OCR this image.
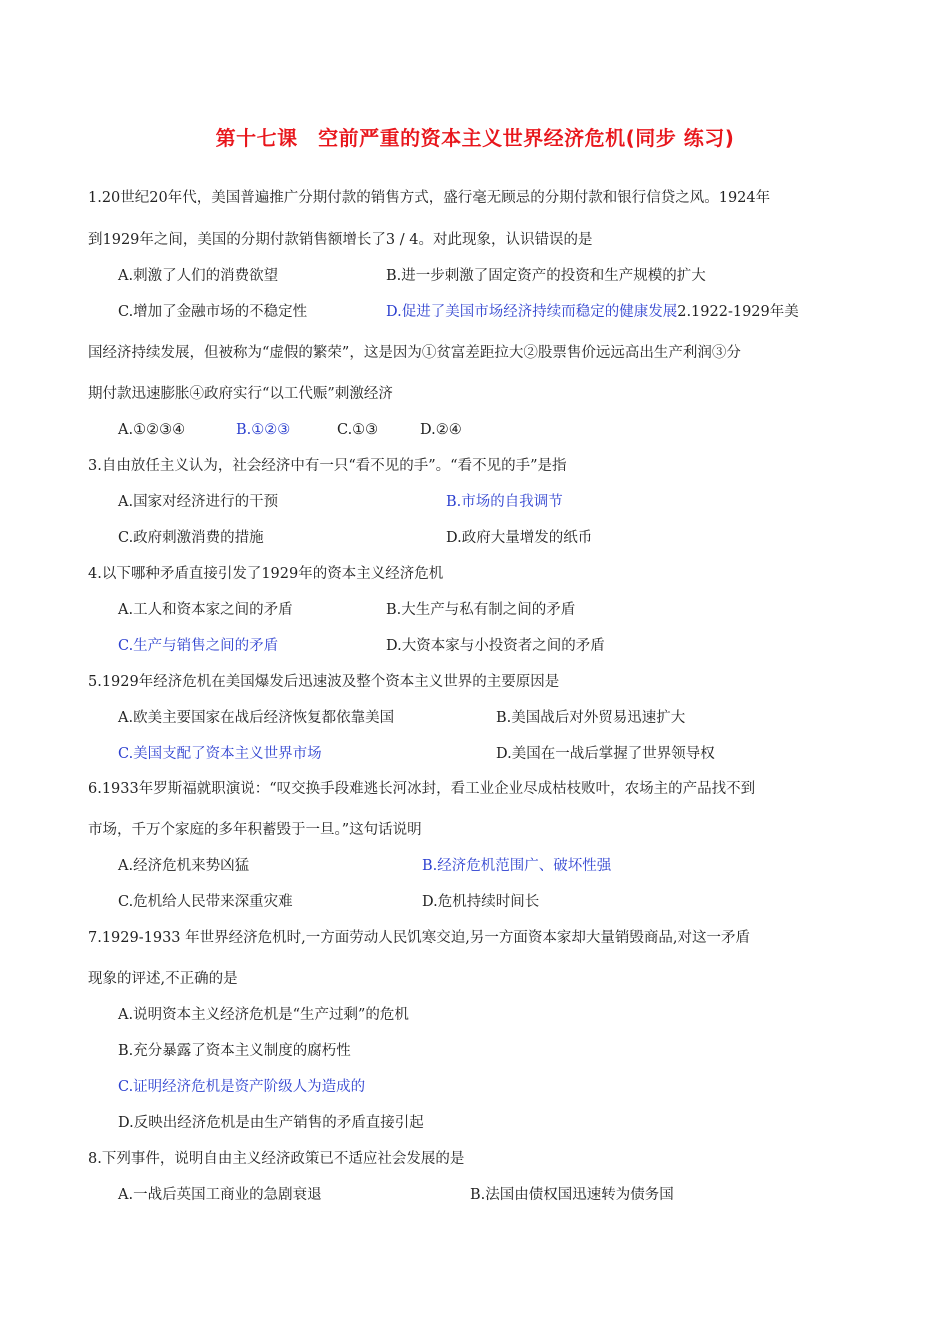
第十七课　空前严重的资本主义世界经济危机(同步 练习)
1.20世纪20年代，美国普遍推广分期付款的销售方式，盛行毫无顾忌的分期付款和银行信贷之风。1924年
到1929年之间，美国的分期付款销售额增长了3 / 4。对此现象，认识错误的是
A.刺激了人们的消费欲望	B.进一步刺激了固定资产的投资和生产规模的扩大
C.增加了金融市场的不稳定性	D.促进了美国市场经济持续而稳定的健康发展2.1922-1929年美
国经济持续发展，但被称为“虚假的繁荣”，这是因为①贫富差距拉大②股票售价远远高出生产利润③分
期付款迅速膨胀④政府实行“以工代赈”刺激经济
A.①②③④	B.①②③	C.①③	D.②④
3.自由放任主义认为，社会经济中有一只“看不见的手”。“看不见的手”是指
A.国家对经济进行的干预	B.市场的自我调节
C.政府刺激消费的措施	D.政府大量增发的纸币
4.以下哪种矛盾直接引发了1929年的资本主义经济危机
A.工人和资本家之间的矛盾	B.大生产与私有制之间的矛盾
C.生产与销售之间的矛盾	D.大资本家与小投资者之间的矛盾
5.1929年经济危机在美国爆发后迅速波及整个资本主义世界的主要原因是
A.欧美主要国家在战后经济恢复都依靠美国	B.美国战后对外贸易迅速扩大
C.美国支配了资本主义世界市场	D.美国在一战后掌握了世界领导权
6.1933年罗斯福就职演说：“叹交换手段难逃长河冰封，看工业企业尽成枯枝败叶，农场主的产品找不到
市场，千万个家庭的多年积蓄毁于一旦。”这句话说明
A.经济危机来势凶猛	B.经济危机范围广、破坏性强
C.危机给人民带来深重灾难	D.危机持续时间长
7.1929-1933 年世界经济危机时,一方面劳动人民饥寒交迫,另一方面资本家却大量销毁商品,对这一矛盾
现象的评述,不正确的是
A.说明资本主义经济危机是“生产过剩”的危机
B.充分暴露了资本主义制度的腐朽性
C.证明经济危机是资产阶级人为造成的
D.反映出经济危机是由生产销售的矛盾直接引起
8.下列事件，说明自由主义经济政策已不适应社会发展的是
A.一战后英国工商业的急剧衰退	B.法国由债权国迅速转为债务国
